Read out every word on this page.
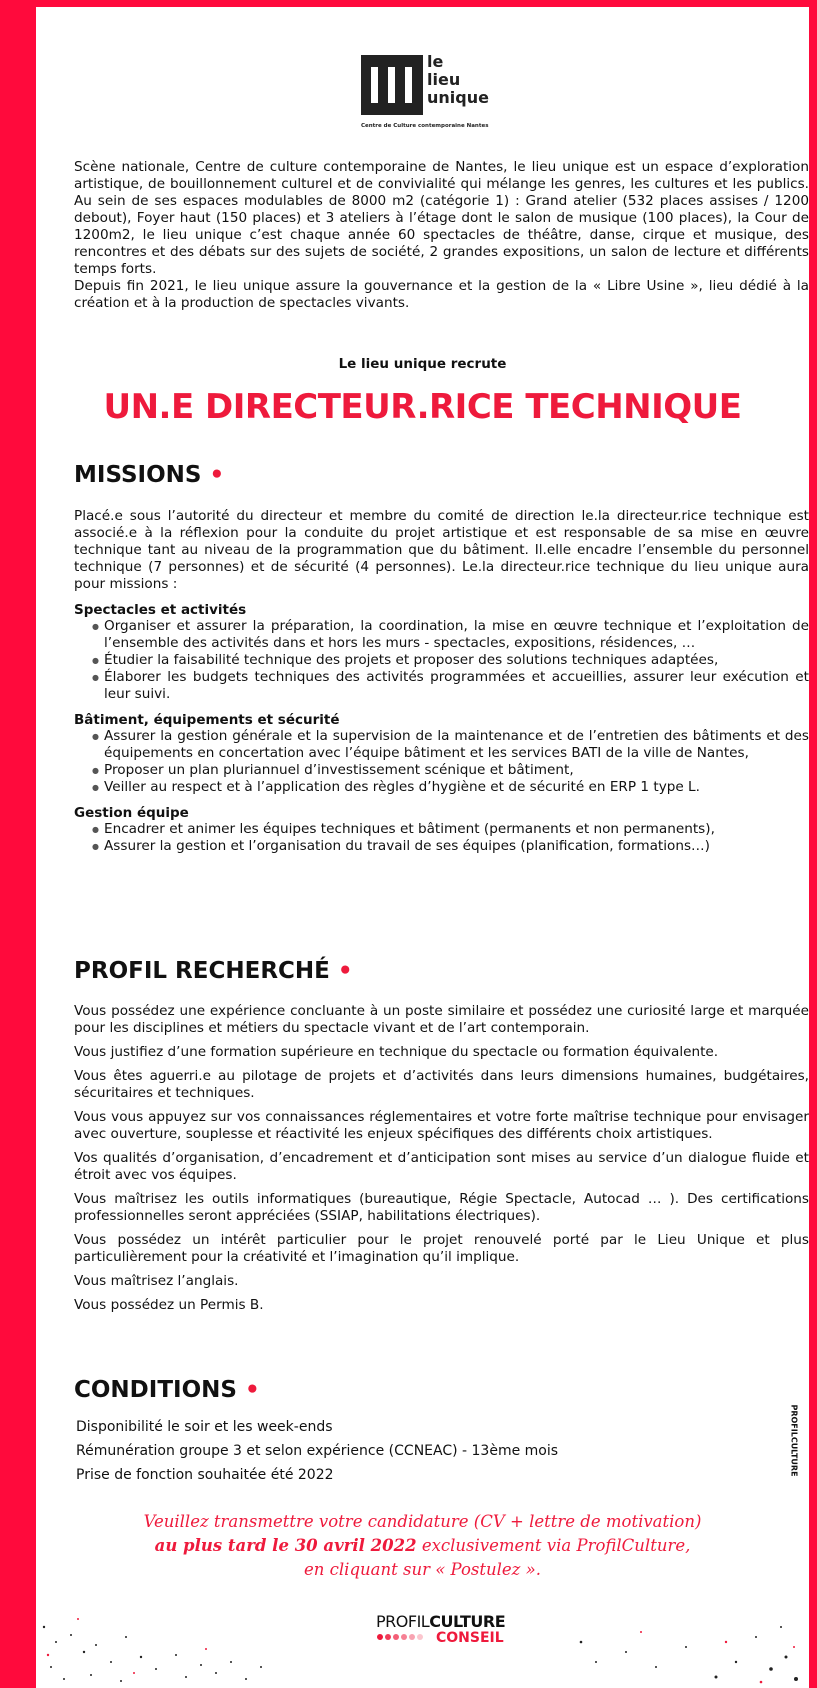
le
lieu
unique
Centre de Culture contemporaine Nantes

Scène nationale, Centre de culture contemporaine de Nantes, le lieu unique est un espace d’exploration artistique, de bouillonnement culturel et de convivialité qui mélange les genres, les cultures et les publics. Au sein de ses espaces modulables de 8000 m2 (catégorie 1) : Grand atelier (532 places assises / 1200 debout), Foyer haut (150 places) et 3 ateliers à l’étage dont le salon de musique (100 places), la Cour de 1200m2, le lieu unique c’est chaque année 60 spectacles de théâtre, danse, cirque et musique, des rencontres et des débats sur des sujets de société, 2 grandes expositions, un salon de lecture et différents temps forts.

Depuis fin 2021, le lieu unique assure la gouvernance et la gestion de la « Libre Usine », lieu dédié à la création et à la production de spectacles vivants.

Le lieu unique recrute
UN.E DIRECTEUR.RICE TECHNIQUE
MISSIONS •

Placé.e sous l’autorité du directeur et membre du comité de direction le.la directeur.rice technique est associé.e à la réflexion pour la conduite du projet artistique et est responsable de sa mise en œuvre technique tant au niveau de la programmation que du bâtiment. Il.elle encadre l’ensemble du personnel technique (7 personnes) et de sécurité (4 personnes). Le.la directeur.rice technique du lieu unique aura pour missions :

Spectacles et activités

● Organiser et assurer la préparation, la coordination, la mise en œuvre technique et l’exploitation de l’ensemble des activités dans et hors les murs - spectacles, expositions, résidences, …
● Étudier la faisabilité technique des projets et proposer des solutions techniques adaptées,
● Élaborer les budgets techniques des activités programmées et accueillies, assurer leur exécution et leur suivi.

Bâtiment, équipements et sécurité

● Assurer la gestion générale et la supervision de la maintenance et de l’entretien des bâtiments et des équipements en concertation avec l’équipe bâtiment et les services BATI de la ville de Nantes,
● Proposer un plan pluriannuel d’investissement scénique et bâtiment,
● Veiller au respect et à l’application des règles d’hygiène et de sécurité en ERP 1 type L.

Gestion équipe

● Encadrer et animer les équipes techniques et bâtiment (permanents et non permanents),
● Assurer la gestion et l’organisation du travail de ses équipes (planification, formations…)
PROFIL RECHERCHÉ •

Vous possédez une expérience concluante à un poste similaire et possédez une curiosité large et marquée pour les disciplines et métiers du spectacle vivant et de l’art contemporain.

Vous justifiez d’une formation supérieure en technique du spectacle ou formation équivalente.

Vous êtes aguerri.e au pilotage de projets et d’activités dans leurs dimensions humaines, budgétaires, sécuritaires et techniques.

Vous vous appuyez sur vos connaissances réglementaires et votre forte maîtrise technique pour envisager avec ouverture, souplesse et réactivité les enjeux spécifiques des différents choix artistiques.

Vos qualités d’organisation, d’encadrement et d’anticipation sont mises au service d’un dialogue fluide et étroit avec vos équipes.

Vous maîtrisez les outils informatiques (bureautique, Régie Spectacle, Autocad … ). Des certifications professionnelles seront appréciées (SSIAP, habilitations électriques).

Vous possédez un intérêt particulier pour le projet renouvelé porté par le Lieu Unique et plus particulièrement pour la créativité et l’imagination qu’il implique.

Vous maîtrisez l’anglais.

Vous possédez un Permis B.

CONDITIONS •

Disponibilité le soir et les week-ends

Rémunération groupe 3 et selon expérience (CCNEAC) - 13ème mois

Prise de fonction souhaitée été 2022

Veuillez transmettre votre candidature (CV + lettre de motivation)
au plus tard le 30 avril 2022 exclusivement via ProfilCulture,
en cliquant sur « Postulez ».
PROFILCULTURE
CONSEIL
PROFILCULTURE
